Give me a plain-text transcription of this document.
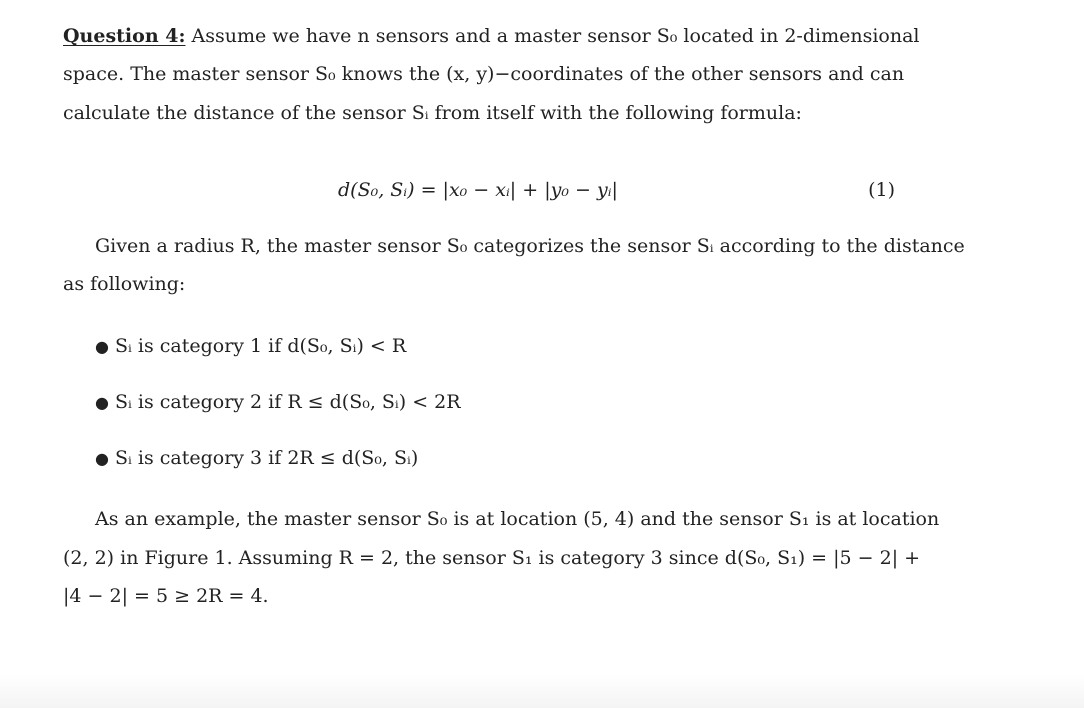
Question 4: Assume we have n sensors and a master sensor S₀ located in 2-dimensional
space. The master sensor S₀ knows the (x, y)−coordinates of the other sensors and can
calculate the distance of the sensor Sᵢ from itself with the following formula:
d(S₀, Sᵢ) = |x₀ − xᵢ| + |y₀ − yᵢ|	(1)
Given a radius R, the master sensor S₀ categorizes the sensor Sᵢ according to the distance
as following:
● Sᵢ is category 1 if d(S₀, Sᵢ) < R
● Sᵢ is category 2 if R ≤ d(S₀, Sᵢ) < 2R
● Sᵢ is category 3 if 2R ≤ d(S₀, Sᵢ)
As an example, the master sensor S₀ is at location (5, 4) and the sensor S₁ is at location
(2, 2) in Figure 1. Assuming R = 2, the sensor S₁ is category 3 since d(S₀, S₁) = |5 − 2| +
|4 − 2| = 5 ≥ 2R = 4.
